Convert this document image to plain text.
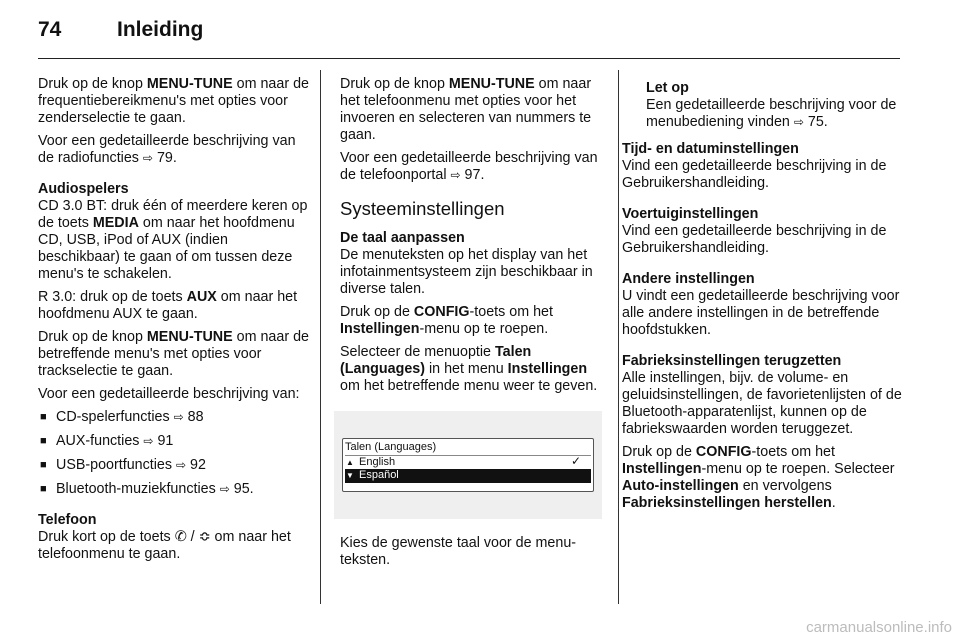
74	Inleiding

Druk op de knop MENU-TUNE om naar de frequentiebereikmenu's met opties voor zenderselectie te gaan.

Voor een gedetailleerde beschrijving van de radiofuncties ⇨ 79.

Audiospelers

CD 3.0 BT: druk één of meerdere keren op de toets MEDIA om naar het hoofdmenu CD, USB, iPod of AUX (indien beschikbaar) te gaan of om tussen deze menu's te schakelen.

R 3.0: druk op de toets AUX om naar het hoofdmenu AUX te gaan.

Druk op de knop MENU-TUNE om naar de betreffende menu's met opties voor trackselectie te gaan.

Voor een gedetailleerde beschrijving van:

■ CD-spelerfuncties ⇨ 88
■ AUX-functies ⇨ 91
■ USB-poortfuncties ⇨ 92
■ Bluetooth-muziekfuncties ⇨ 95.

Telefoon

Druk kort op de toets ✆ / ≎ om naar het telefoonmenu te gaan.

Druk op de knop MENU-TUNE om naar het telefoonmenu met opties voor het invoeren en selecteren van nummers te gaan.

Voor een gedetailleerde beschrijving van de telefoonportal ⇨ 97.

Systeeminstellingen

De taal aanpassen

De menuteksten op het display van het infotainmentsysteem zijn beschikbaar in diverse talen.

Druk op de CONFIG-toets om het Instellingen-menu op te roepen.

Selecteer de menuoptie Talen (Languages) in het menu Instellingen om het betreffende menu weer te geven.

Talen (Languages)
▲ English	✓
▼ Español

Kies de gewenste taal voor de menuteksten.

Let op

Een gedetailleerde beschrijving voor de menubediening vinden ⇨ 75.

Tijd- en datuminstellingen

Vind een gedetailleerde beschrijving in de Gebruikershandleiding.

Voertuiginstellingen

Vind een gedetailleerde beschrijving in de Gebruikershandleiding.

Andere instellingen

U vindt een gedetailleerde beschrijving voor alle andere instellingen in de betreffende hoofdstukken.

Fabrieksinstellingen terugzetten

Alle instellingen, bijv. de volume- en geluidsinstellingen, de favorietenlijsten of de Bluetooth-apparatenlijst, kunnen op de fabriekswaarden worden teruggezet.

Druk op de CONFIG-toets om het Instellingen-menu op te roepen. Selecteer Auto-instellingen en vervolgens Fabrieksinstellingen herstellen.

carmanualsonline.info
